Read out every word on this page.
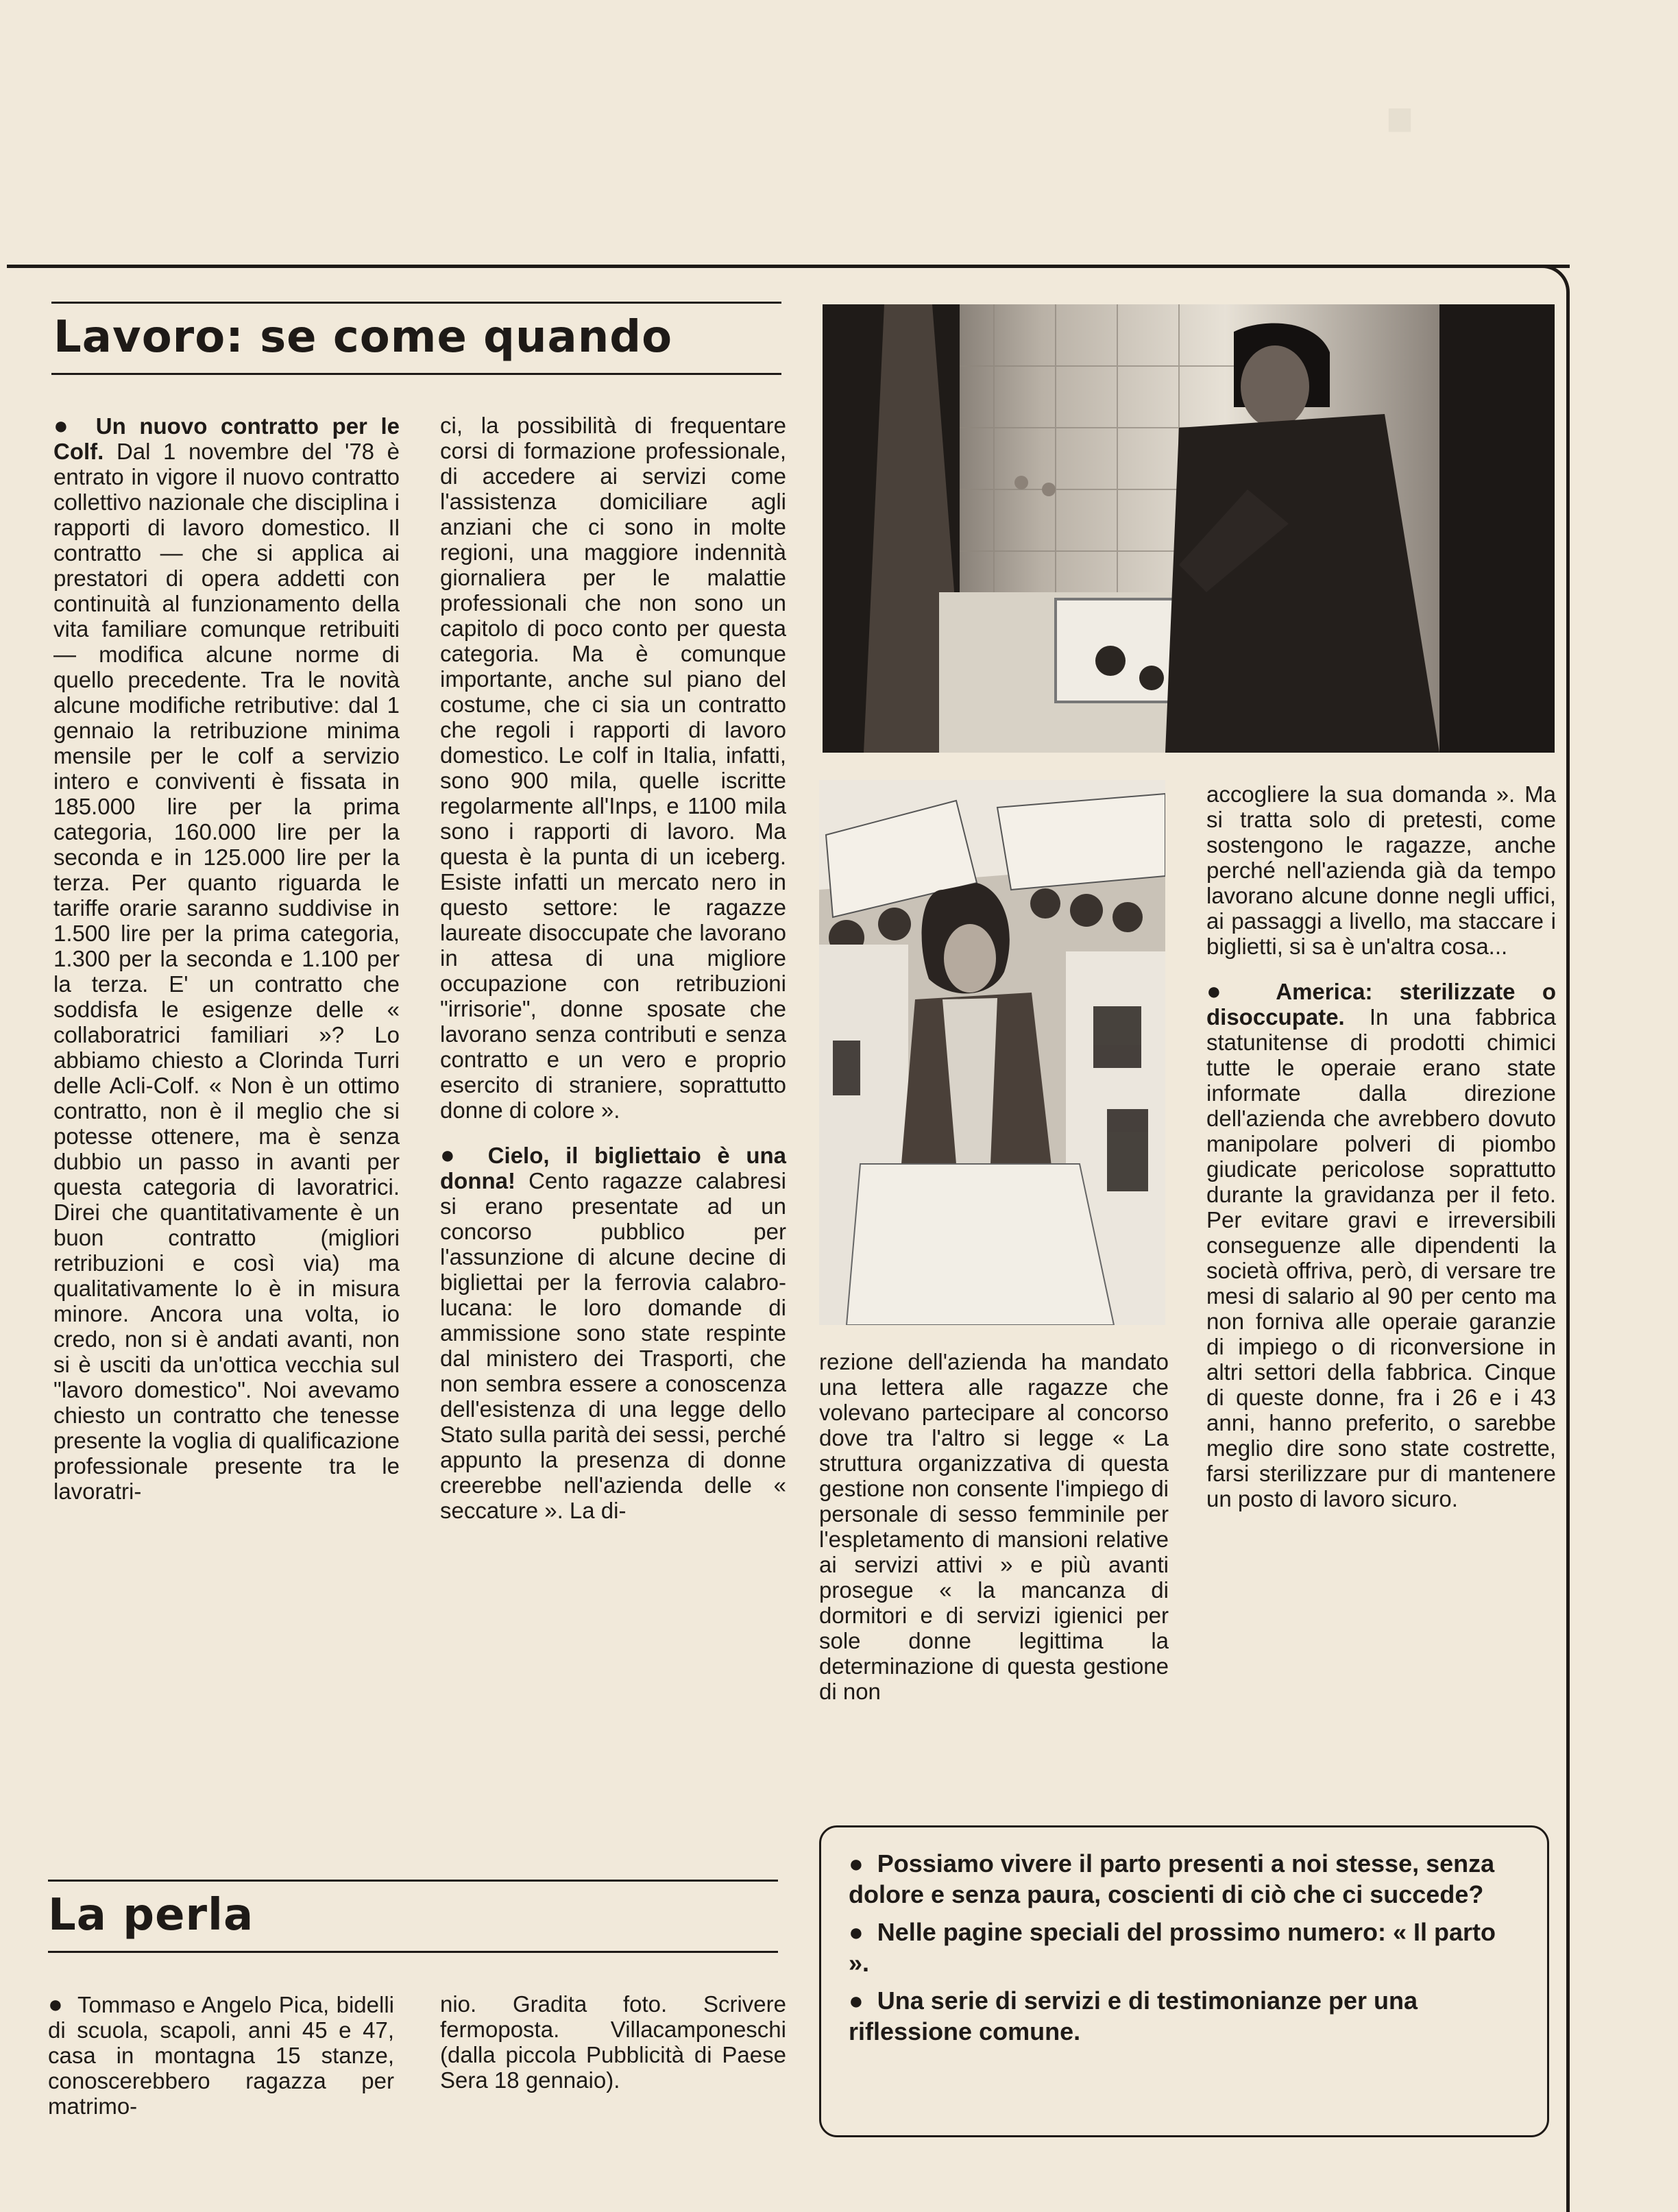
·
Lavoro: se come quando

● Un nuovo contratto per le Colf. Dal 1 novembre del '78 è entrato in vigore il nuovo contratto collettivo nazionale che disciplina i rapporti di lavoro domestico. Il contratto — che si applica ai prestatori di opera addetti con continuità al funzionamento della vita familiare comunque retribuiti — modifica alcune norme di quello precedente. Tra le novità alcune modifiche retributive: dal 1 gennaio la retribuzione minima mensile per le colf a servizio intero e conviventi è fissata in 185.000 lire per la prima categoria, 160.000 lire per la seconda e in 125.000 lire per la terza. Per quanto riguarda le tariffe orarie saranno suddivise in 1.500 lire per la prima categoria, 1.300 per la seconda e 1.100 per la terza. E' un contratto che soddisfa le esigenze delle « collaboratrici familiari »? Lo abbiamo chiesto a Clorinda Turri delle Acli-Colf. « Non è un ottimo contratto, non è il meglio che si potesse ottenere, ma è senza dubbio un passo in avanti per questa categoria di lavoratrici. Direi che quantitativamente è un buon contratto (migliori retribuzioni e così via) ma qualitativamente lo è in misura minore. Ancora una volta, io credo, non si è andati avanti, non si è usciti da un'ottica vecchia sul "lavoro domestico". Noi avevamo chiesto un contratto che tenesse presente la voglia di qualificazione professionale presente tra le lavoratri-

ci, la possibilità di frequentare corsi di formazione professionale, di accedere ai servizi come l'assistenza domiciliare agli anziani che ci sono in molte regioni, una maggiore indennità giornaliera per le malattie professionali che non sono un capitolo di poco conto per questa categoria. Ma è comunque importante, anche sul piano del costume, che ci sia un contratto che regoli i rapporti di lavoro domestico. Le colf in Italia, infatti, sono 900 mila, quelle iscritte regolarmente all'Inps, e 1100 mila sono i rapporti di lavoro. Ma questa è la punta di un iceberg. Esiste infatti un mercato nero in questo settore: le ragazze laureate disoccupate che lavorano in attesa di una migliore occupazione con retribuzioni "irrisorie", donne sposate che lavorano senza contributi e senza contratto e un vero e proprio esercito di straniere, soprattutto donne di colore ».

● Cielo, il bigliettaio è una donna! Cento ragazze calabresi si erano presentate ad un concorso pubblico per l'assunzione di alcune decine di bigliettai per la ferrovia calabro-lucana: le loro domande di ammissione sono state respinte dal ministero dei Trasporti, che non sembra essere a conoscenza dell'esistenza di una legge dello Stato sulla parità dei sessi, perché appunto la presenza di donne creerebbe nell'azienda delle « seccature ». La di-

rezione dell'azienda ha mandato una lettera alle ragazze che volevano partecipare al concorso dove tra l'altro si legge « La struttura organizzativa di questa gestione non consente l'impiego di personale di sesso femminile per l'espletamento di mansioni relative ai servizi attivi » e più avanti prosegue « la mancanza di dormitori e di servizi igienici per sole donne legittima la determinazione di questa gestione di non

accogliere la sua domanda ». Ma si tratta solo di pretesti, come sostengono le ragazze, anche perché nell'azienda già da tempo lavorano alcune donne negli uffici, ai passaggi a livello, ma staccare i biglietti, si sa è un'altra cosa...

● America: sterilizzate o disoccupate. In una fabbrica statunitense di prodotti chimici tutte le operaie erano state informate dalla direzione dell'azienda che avrebbero dovuto manipolare polveri di piombo giudicate pericolose soprattutto durante la gravidanza per il feto. Per evitare gravi e irreversibili conseguenze alle dipendenti la società offriva, però, di versare tre mesi di salario al 90 per cento ma non forniva alle operaie garanzie di impiego o di riconversione in altri settori della fabbrica. Cinque di queste donne, fra i 26 e i 43 anni, hanno preferito, o sarebbe meglio dire sono state costrette, farsi sterilizzare pur di mantenere un posto di lavoro sicuro.

La perla

● Tommaso e Angelo Pica, bidelli di scuola, scapoli, anni 45 e 47, casa in montagna 15 stanze, conoscerebbero ragazza per matrimo-

nio. Gradita foto. Scrivere fermoposta. Villacamponeschi (dalla piccola Pubblicità di Paese Sera 18 gennaio).

● Possiamo vivere il parto presenti a noi stesse, senza dolore e senza paura, coscienti di ciò che ci succede?
● Nelle pagine speciali del prossimo numero: « Il parto ».
● Una serie di servizi e di testimonianze per una riflessione comune.
